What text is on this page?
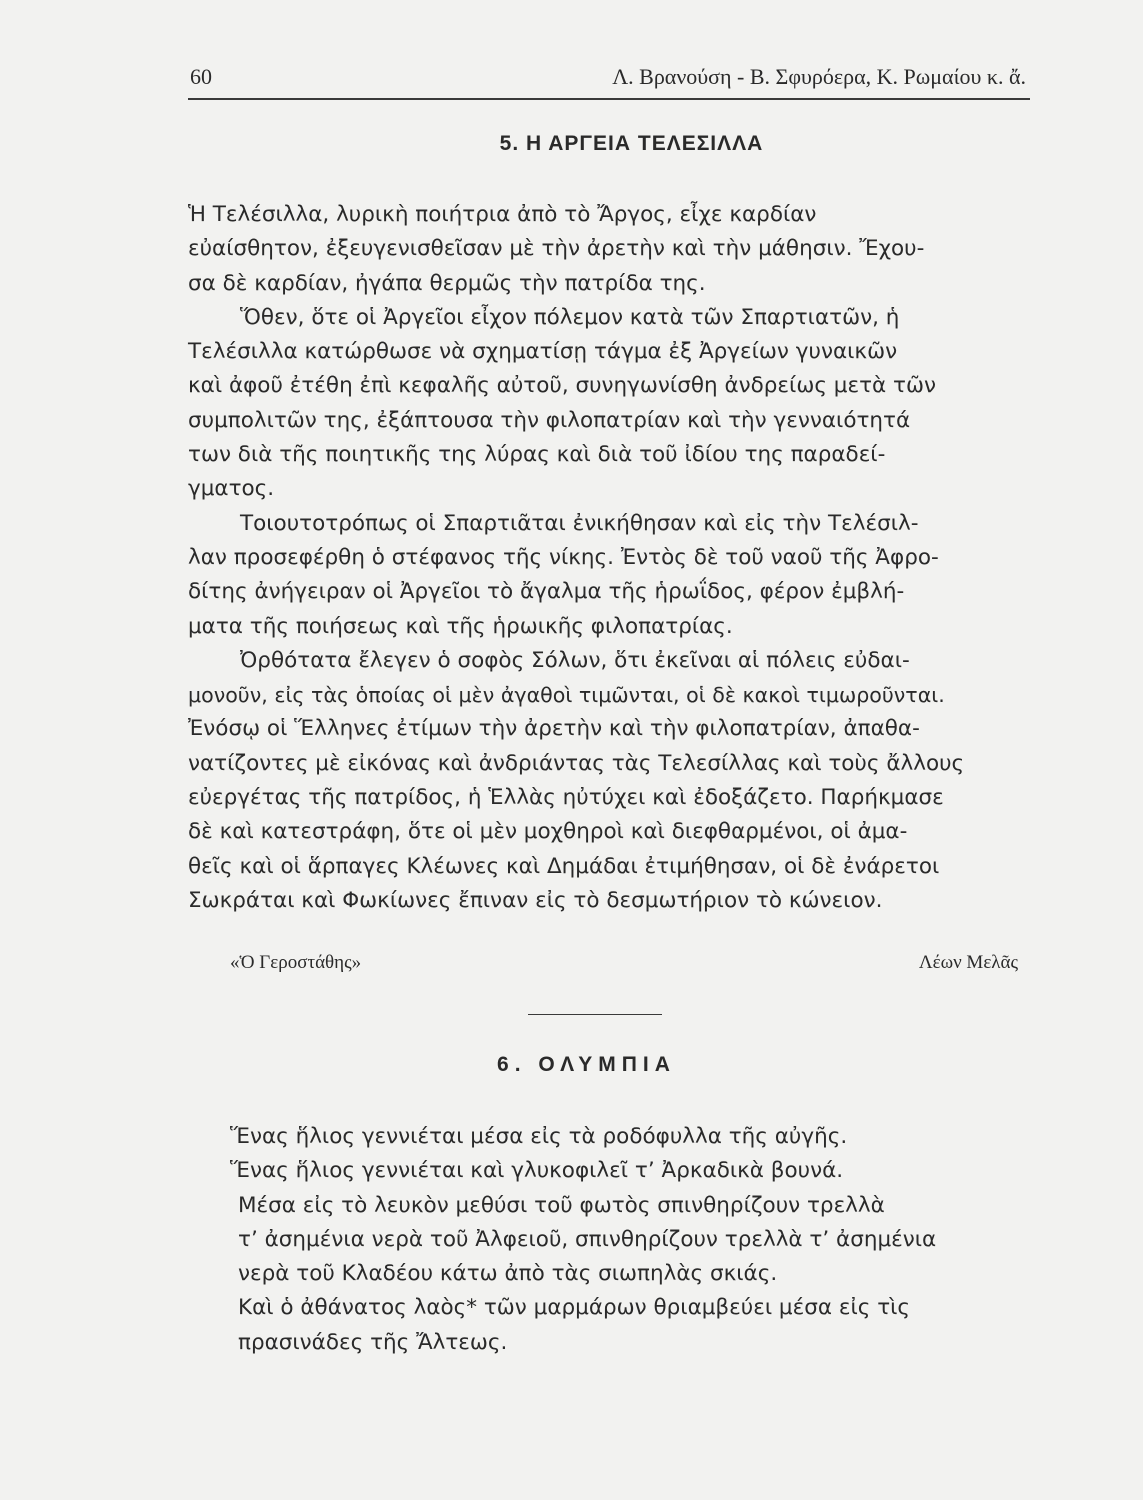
60	Λ. Βρανούση - Β. Σφυρόερα, Κ. Ρωμαίου κ. ἄ.
5. Η ΑΡΓΕΙΑ ΤΕΛΕΣΙΛΛΑ
Ἡ Τελέσιλλα, λυρικὴ ποιήτρια ἀπὸ τὸ Ἄργος, εἶχε καρδίαν
εὐαίσθητον, ἐξευγενισθεῖσαν μὲ τὴν ἀρετὴν καὶ τὴν μάθησιν. Ἔχου-
σα δὲ καρδίαν, ἠγάπα θερμῶς τὴν πατρίδα της.
Ὅθεν, ὅτε οἱ Ἀργεῖοι εἶχον πόλεμον κατὰ τῶν Σπαρτιατῶν, ἡ
Τελέσιλλα κατώρθωσε νὰ σχηματίσῃ τάγμα ἐξ Ἀργείων γυναικῶν
καὶ ἀφοῦ ἐτέθη ἐπὶ κεφαλῆς αὐτοῦ, συνηγωνίσθη ἀνδρείως μετὰ τῶν
συμπολιτῶν της, ἐξάπτουσα τὴν φιλοπατρίαν καὶ τὴν γενναιότητά
των διὰ τῆς ποιητικῆς της λύρας καὶ διὰ τοῦ ἰδίου της παραδεί-
γματος.
Τοιουτοτρόπως οἱ Σπαρτιᾶται ἐνικήθησαν καὶ εἰς τὴν Τελέσιλ-
λαν προσεφέρθη ὁ στέφανος τῆς νίκης. Ἐντὸς δὲ τοῦ ναοῦ τῆς Ἀφρο-
δίτης ἀνήγειραν οἱ Ἀργεῖοι τὸ ἄγαλμα τῆς ἡρωΐδος, φέρον ἐμβλή-
ματα τῆς ποιήσεως καὶ τῆς ἡρωικῆς φιλοπατρίας.
Ὀρθότατα ἔλεγεν ὁ σοφὸς Σόλων, ὅτι ἐκεῖναι αἱ πόλεις εὐδαι-
μονοῦν, εἰς τὰς ὁποίας οἱ μὲν ἀγαθοὶ τιμῶνται, οἱ δὲ κακοὶ τιμωροῦνται.
Ἐνόσῳ οἱ Ἕλληνες ἐτίμων τὴν ἀρετὴν καὶ τὴν φιλοπατρίαν, ἀπαθα-
νατίζοντες μὲ εἰκόνας καὶ ἀνδριάντας τὰς Τελεσίλλας καὶ τοὺς ἄλλους
εὐεργέτας τῆς πατρίδος, ἡ Ἑλλὰς ηὐτύχει καὶ ἐδοξάζετο. Παρήκμασε
δὲ καὶ κατεστράφη, ὅτε οἱ μὲν μοχθηροὶ καὶ διεφθαρμένοι, οἱ ἀμα-
θεῖς καὶ οἱ ἅρπαγες Κλέωνες καὶ Δημάδαι ἐτιμήθησαν, οἱ δὲ ἐνάρετοι
Σωκράται καὶ Φωκίωνες ἔπιναν εἰς τὸ δεσμωτήριον τὸ κώνειον.
«Ὁ Γεροστάθης»	Λέων Μελᾶς
6. ΟΛΥΜΠΙΑ
Ἕνας ἥλιος γεννιέται μέσα εἰς τὰ ροδόφυλλα τῆς αὐγῆς.
Ἕνας ἥλιος γεννιέται καὶ γλυκοφιλεῖ τ’ Ἀρκαδικὰ βουνά.
Μέσα εἰς τὸ λευκὸν μεθύσι τοῦ φωτὸς σπινθηρίζουν τρελλὰ
τ’ ἀσημένια νερὰ τοῦ Ἀλφειοῦ, σπινθηρίζουν τρελλὰ τ’ ἀσημένια
νερὰ τοῦ Κλαδέου κάτω ἀπὸ τὰς σιωπηλὰς σκιάς.
Καὶ ὁ ἀθάνατος λαὸς* τῶν μαρμάρων θριαμβεύει μέσα εἰς τὶς
πρασινάδες τῆς Ἄλτεως.
